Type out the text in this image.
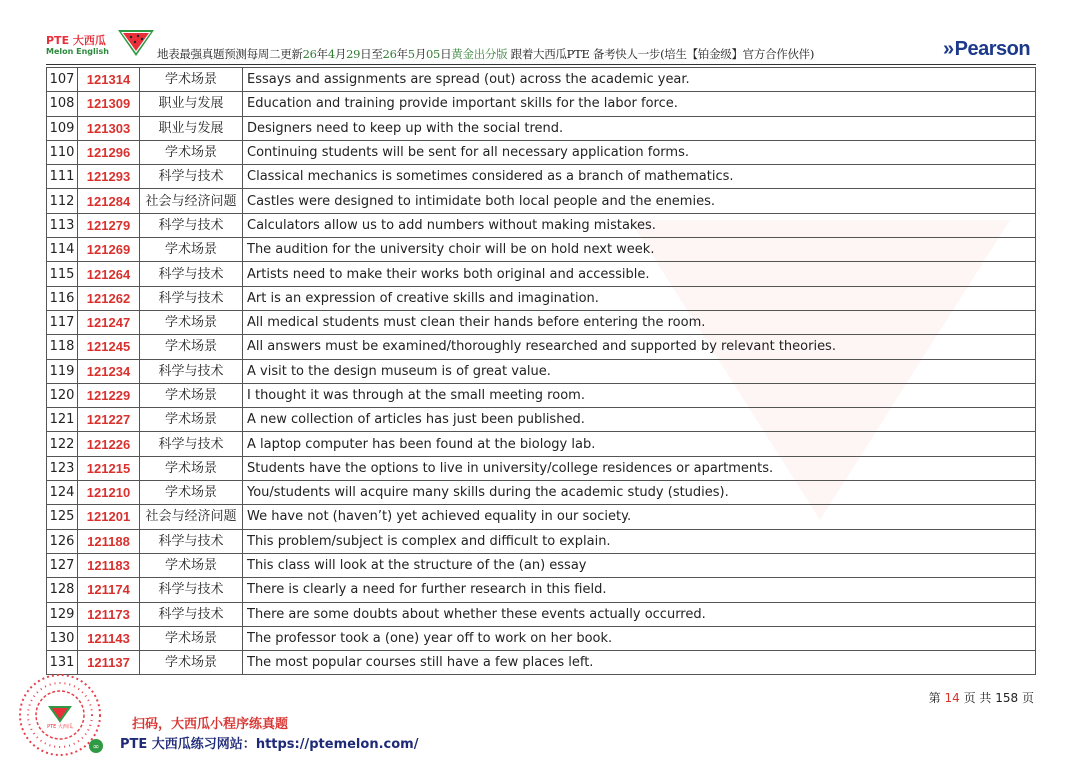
PTE 大西瓜
Melon English	地表最强真题预测每周二更新26年4月29日至26年5月05日黄金出分版 跟着大西瓜PTE 备考快人一步(培生【铂金级】官方合作伙伴)	»Pearson
107	121314	学术场景	Essays and assignments are spread (out) across the academic year.
108	121309	职业与发展	Education and training provide important skills for the labor force.
109	121303	职业与发展	Designers need to keep up with the social trend.
110	121296	学术场景	Continuing students will be sent for all necessary application forms.
111	121293	科学与技术	Classical mechanics is sometimes considered as a branch of mathematics.
112	121284	社会与经济问题	Castles were designed to intimidate both local people and the enemies.
113	121279	科学与技术	Calculators allow us to add numbers without making mistakes.
114	121269	学术场景	The audition for the university choir will be on hold next week.
115	121264	科学与技术	Artists need to make their works both original and accessible.
116	121262	科学与技术	Art is an expression of creative skills and imagination.
117	121247	学术场景	All medical students must clean their hands before entering the room.
118	121245	学术场景	All answers must be examined/thoroughly researched and supported by relevant theories.
119	121234	科学与技术	A visit to the design museum is of great value.
120	121229	学术场景	I thought it was through at the small meeting room.
121	121227	学术场景	A new collection of articles has just been published.
122	121226	科学与技术	A laptop computer has been found at the biology lab.
123	121215	学术场景	Students have the options to live in university/college residences or apartments.
124	121210	学术场景	You/students will acquire many skills during the academic study (studies).
125	121201	社会与经济问题	We have not (haven’t) yet achieved equality in our society.
126	121188	科学与技术	This problem/subject is complex and difficult to explain.
127	121183	学术场景	This class will look at the structure of the (an) essay
128	121174	科学与技术	There is clearly a need for further research in this field.
129	121173	科学与技术	There are some doubts about whether these events actually occurred.
130	121143	学术场景	The professor took a (one) year off to work on her book.
131	121137	学术场景	The most popular courses still have a few places left.
第 14 页 共 158 页
PTE 大西瓜
∞
扫码，大西瓜小程序练真题
PTE 大西瓜练习网站：https://ptemelon.com/
